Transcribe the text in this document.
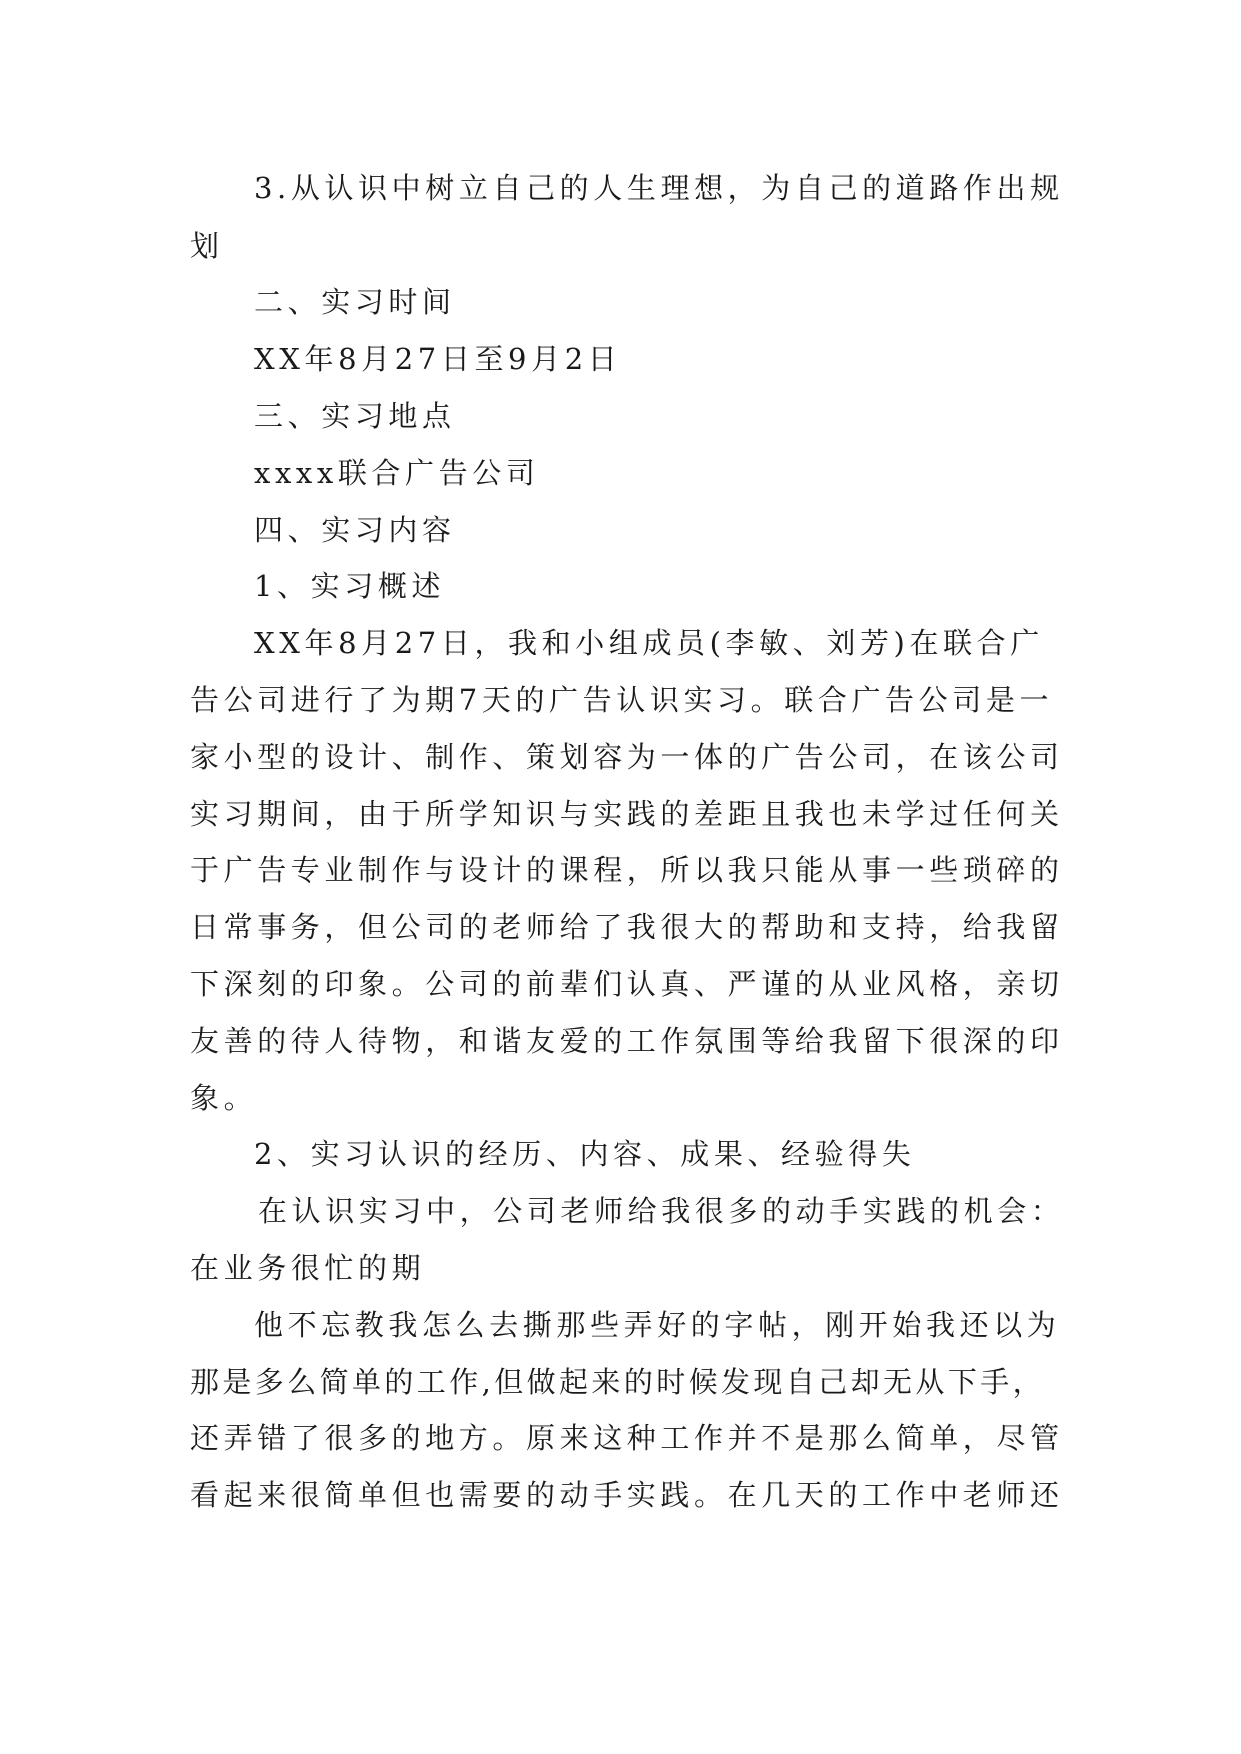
3.从认识中树立自己的人生理想，为自己的道路作出规
划
二、实习时间
XX年8月27日至9月2日
三、实习地点
xxxx联合广告公司
四、实习内容
1、实习概述
XX年8月27日，我和小组成员(李敏、刘芳)在联合广
告公司进行了为期7天的广告认识实习。联合广告公司是一
家小型的设计、制作、策划容为一体的广告公司，在该公司
实习期间，由于所学知识与实践的差距且我也未学过任何关
于广告专业制作与设计的课程，所以我只能从事一些琐碎的
日常事务，但公司的老师给了我很大的帮助和支持，给我留
下深刻的印象。公司的前辈们认真、严谨的从业风格，亲切
友善的待人待物，和谐友爱的工作氛围等给我留下很深的印
象。
2、实习认识的经历、内容、成果、经验得失
在认识实习中，公司老师给我很多的动手实践的机会：
在业务很忙的期
他不忘教我怎么去撕那些弄好的字帖，刚开始我还以为
那是多么简单的工作,但做起来的时候发现自己却无从下手，
还弄错了很多的地方。原来这种工作并不是那么简单，尽管
看起来很简单但也需要的动手实践。在几天的工作中老师还
